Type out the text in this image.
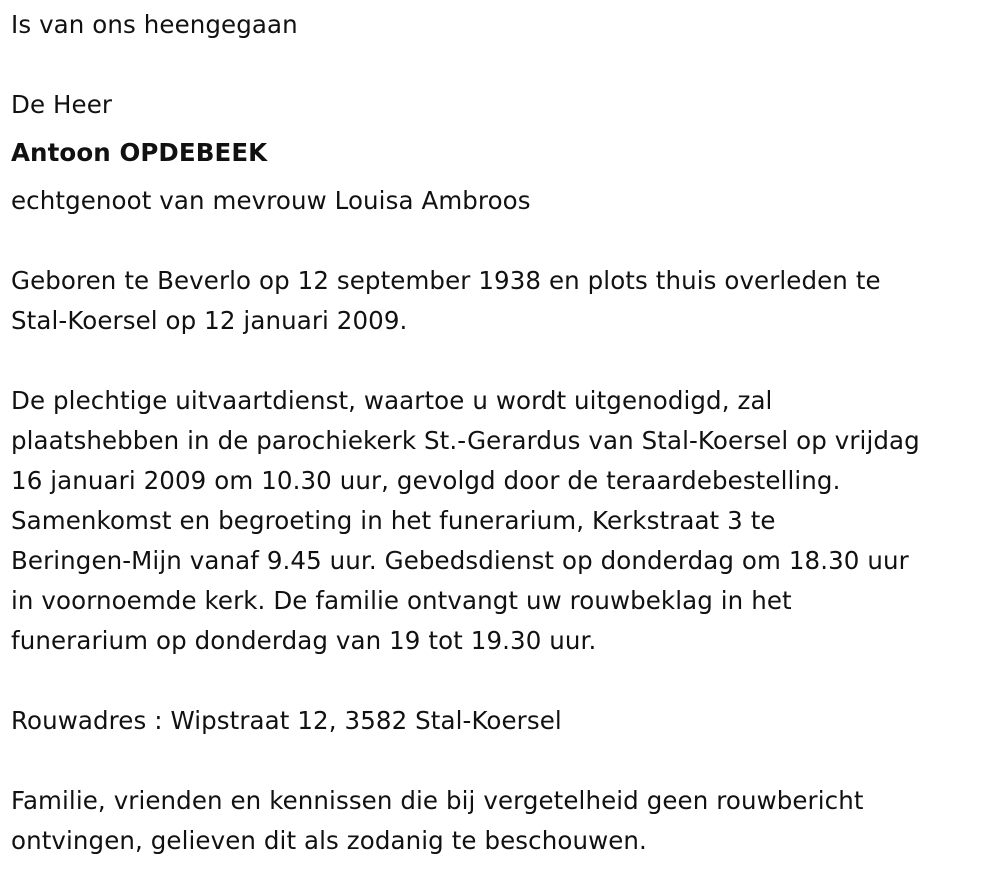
Is van ons heengegaan
De Heer
Antoon OPDEBEEK
echtgenoot van mevrouw Louisa Ambroos
Geboren te Beverlo op 12 september 1938 en plots thuis overleden te
Stal-Koersel op 12 januari 2009.
De plechtige uitvaartdienst, waartoe u wordt uitgenodigd, zal
plaatshebben in de parochiekerk St.-Gerardus van Stal-Koersel op vrijdag
16 januari 2009 om 10.30 uur, gevolgd door de teraardebestelling.
Samenkomst en begroeting in het funerarium, Kerkstraat 3 te
Beringen-Mijn vanaf 9.45 uur. Gebedsdienst op donderdag om 18.30 uur
in voornoemde kerk. De familie ontvangt uw rouwbeklag in het
funerarium op donderdag van 19 tot 19.30 uur.
Rouwadres : Wipstraat 12, 3582 Stal-Koersel
Familie, vrienden en kennissen die bij vergetelheid geen rouwbericht
ontvingen, gelieven dit als zodanig te beschouwen.
